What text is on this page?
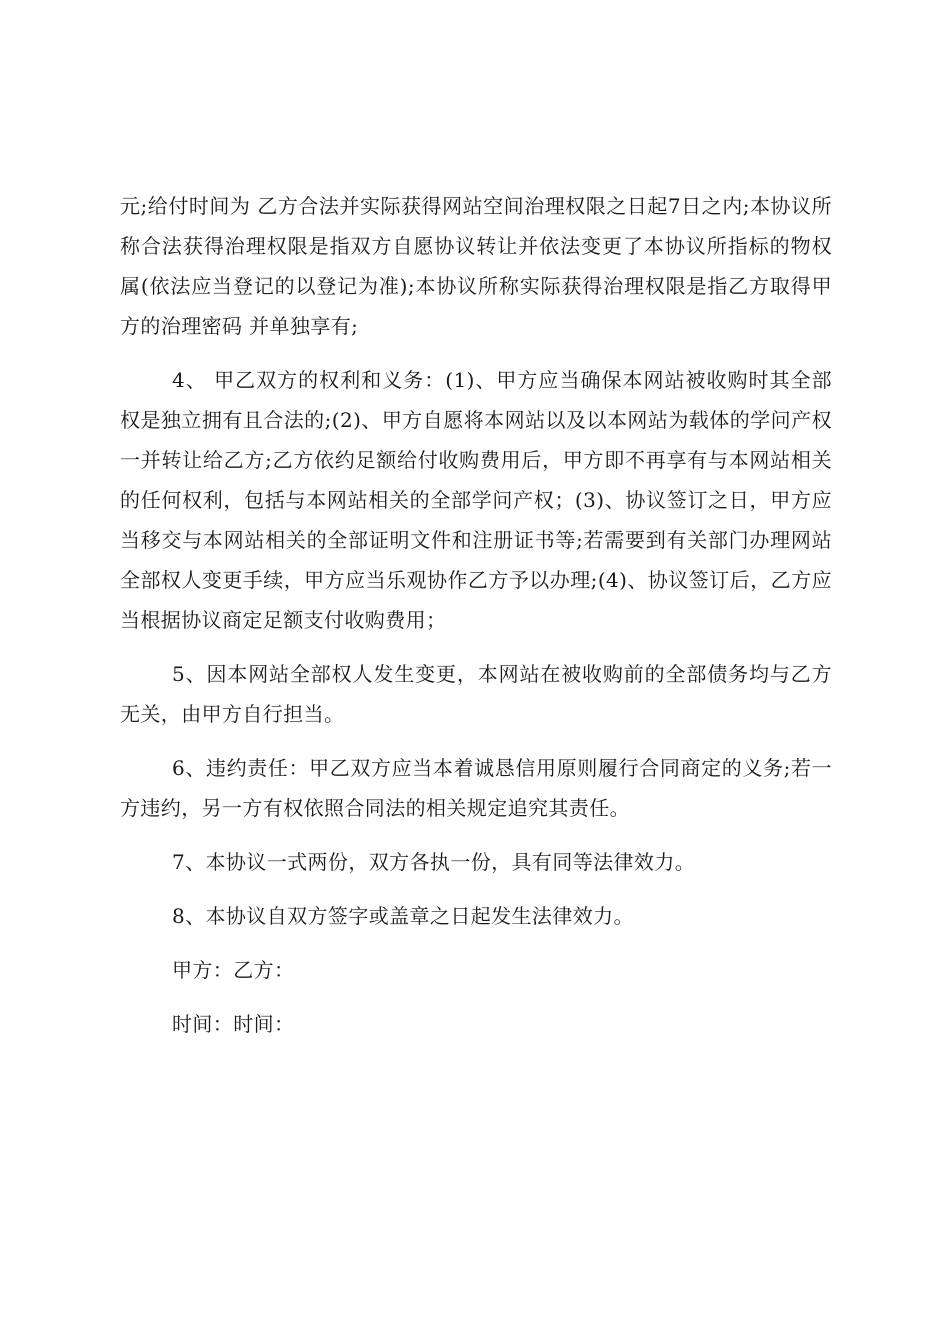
元;给付时间为 乙方合法并实际获得网站空间治理权限之日起7日之内;本协议所称合法获得治理权限是指双方自愿协议转让并依法变更了本协议所指标的物权属(依法应当登记的以登记为准);本协议所称实际获得治理权限是指乙方取得甲方的治理密码 并单独享有;

4、 甲乙双方的权利和义务：(1)、甲方应当确保本网站被收购时其全部权是独立拥有且合法的;(2)、甲方自愿将本网站以及以本网站为载体的学问产权一并转让给乙方;乙方依约足额给付收购费用后，甲方即不再享有与本网站相关的任何权利，包括与本网站相关的全部学问产权；(3)、协议签订之日，甲方应当移交与本网站相关的全部证明文件和注册证书等;若需要到有关部门办理网站全部权人变更手续，甲方应当乐观协作乙方予以办理;(4)、协议签订后，乙方应当根据协议商定足额支付收购费用；

5、因本网站全部权人发生变更，本网站在被收购前的全部债务均与乙方无关，由甲方自行担当。

6、违约责任：甲乙双方应当本着诚恳信用原则履行合同商定的义务;若一方违约，另一方有权依照合同法的相关规定追究其责任。

7、本协议一式两份，双方各执一份，具有同等法律效力。

8、本协议自双方签字或盖章之日起发生法律效力。

甲方：乙方：

时间：时间：
